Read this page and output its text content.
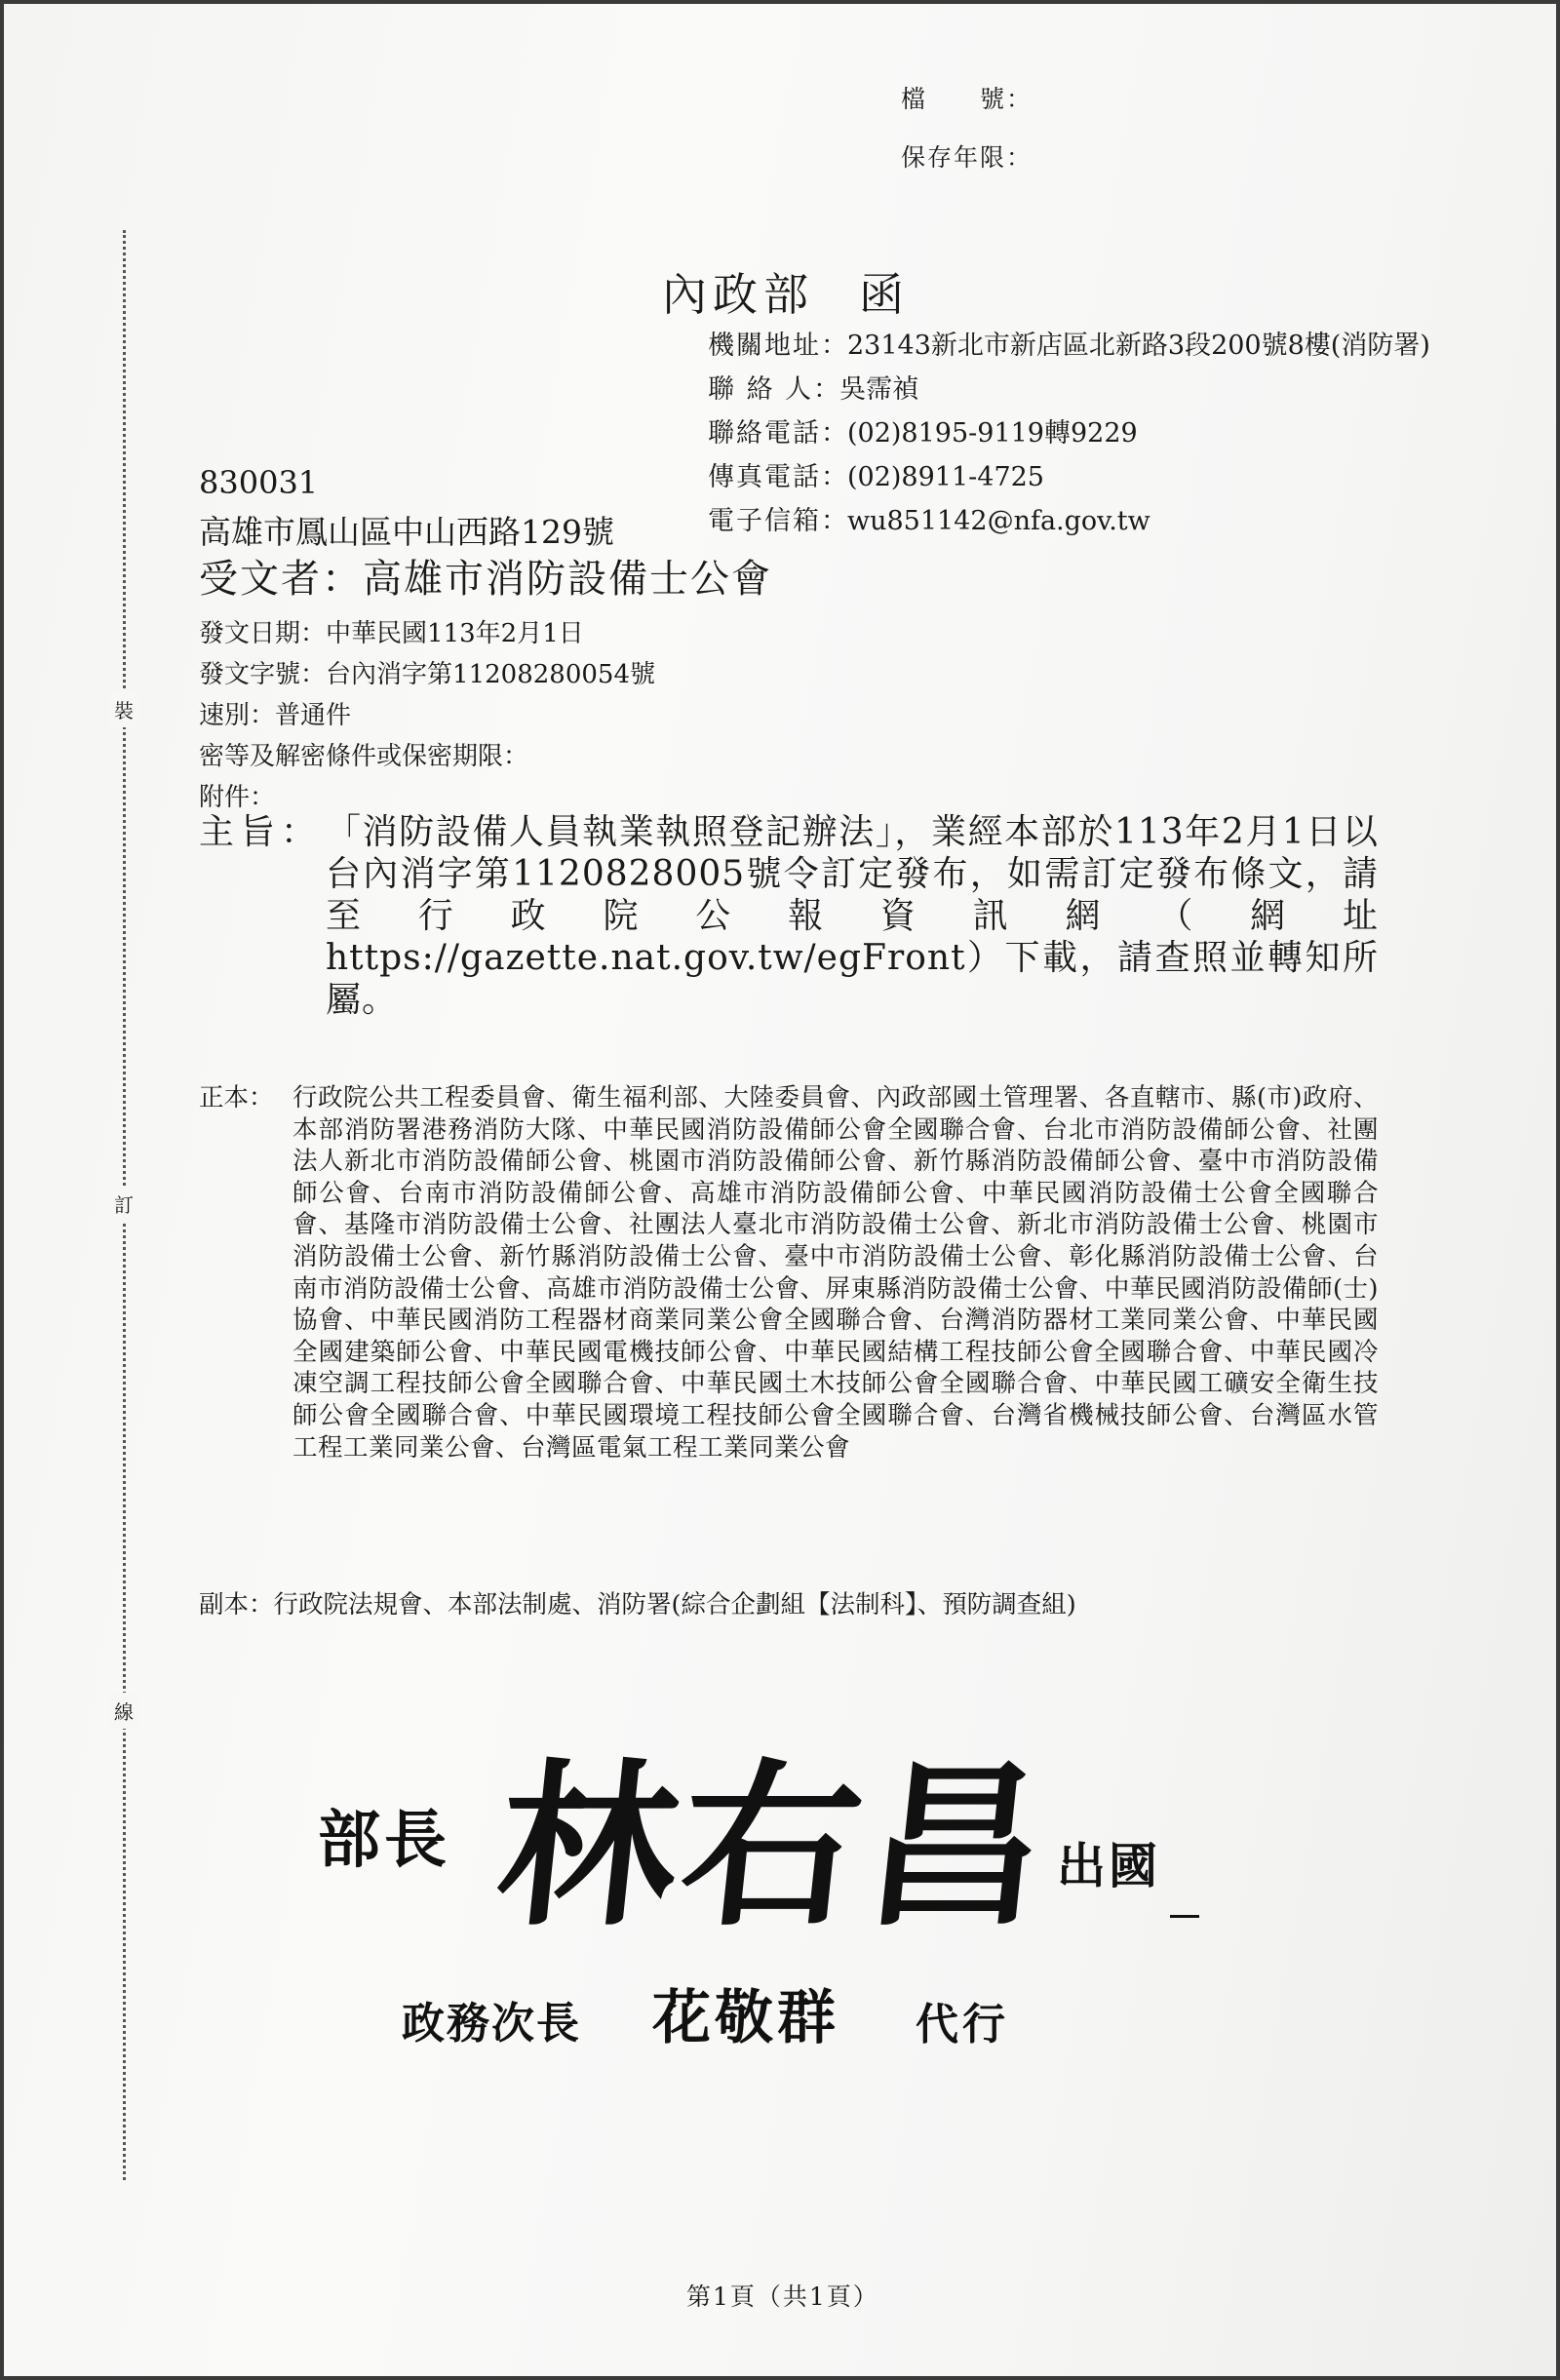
裝
訂
線
檔　　號：
保存年限：
內政部 函
機關地址 ： 23143新北市新店區北新路3段200號8樓(消防署)
聯 絡 人 ： 吳霈禎
聯絡電話 ： (02)8195-9119轉9229
傳真電話 ： (02)8911-4725
電子信箱 ： wu851142@nfa.gov.tw
830031
高雄市鳳山區中山西路129號
受文者：高雄市消防設備士公會
發文日期：中華民國113年2月1日
發文字號：台內消字第11208280054號
速別：普通件
密等及解密條件或保密期限：
附件：
主旨： 「消防設備人員執業執照登記辦法」，業經本部於113年2月1日以台內消字第1120828005號令訂定發布，如需訂定發布條文，請至行政院公報資訊網（網址https://gazette.nat.gov.tw/egFront）下載，請查照並轉知所屬。
正本： 行政院公共工程委員會、衛生福利部、大陸委員會、內政部國土管理署、各直轄市、縣(市)政府、本部消防署港務消防大隊、中華民國消防設備師公會全國聯合會、台北市消防設備師公會、社團法人新北市消防設備師公會、桃園市消防設備師公會、新竹縣消防設備師公會、臺中市消防設備師公會、台南市消防設備師公會、高雄市消防設備師公會、中華民國消防設備士公會全國聯合會、基隆市消防設備士公會、社團法人臺北市消防設備士公會、新北市消防設備士公會、桃園市消防設備士公會、新竹縣消防設備士公會、臺中市消防設備士公會、彰化縣消防設備士公會、台南市消防設備士公會、高雄市消防設備士公會、屏東縣消防設備士公會、中華民國消防設備師(士)協會、中華民國消防工程器材商業同業公會全國聯合會、台灣消防器材工業同業公會、中華民國全國建築師公會、中華民國電機技師公會、中華民國結構工程技師公會全國聯合會、中華民國冷凍空調工程技師公會全國聯合會、中華民國土木技師公會全國聯合會、中華民國工礦安全衛生技師公會全國聯合會、中華民國環境工程技師公會全國聯合會、台灣省機械技師公會、台灣區水管工程工業同業公會、台灣區電氣工程工業同業公會
副本：行政院法規會、本部法制處、消防署(綜合企劃組【法制科】、預防調查組)
部長 林右昌
出國
政務次長 花敬群 代行
第1頁（共1頁）
